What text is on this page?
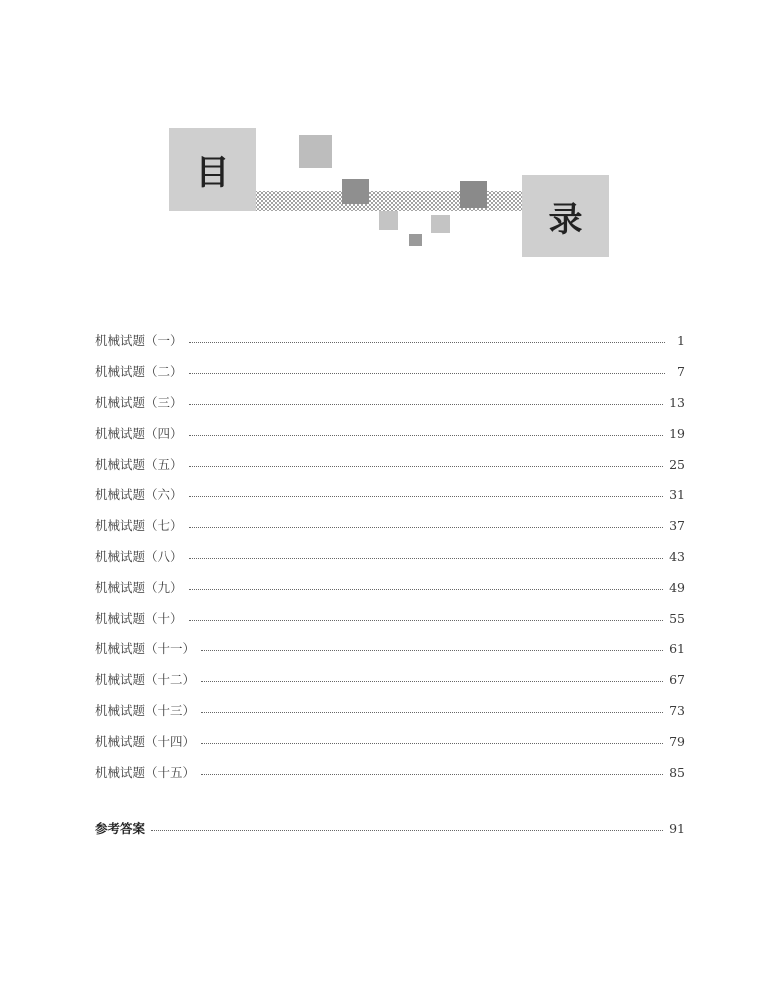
目
录
机械试题（一）	1
机械试题（二）	7
机械试题（三）	13
机械试题（四）	19
机械试题（五）	25
机械试题（六）	31
机械试题（七）	37
机械试题（八）	43
机械试题（九）	49
机械试题（十）	55
机械试题（十一）	61
机械试题（十二）	67
机械试题（十三）	73
机械试题（十四）	79
机械试题（十五）	85
参考答案	91
